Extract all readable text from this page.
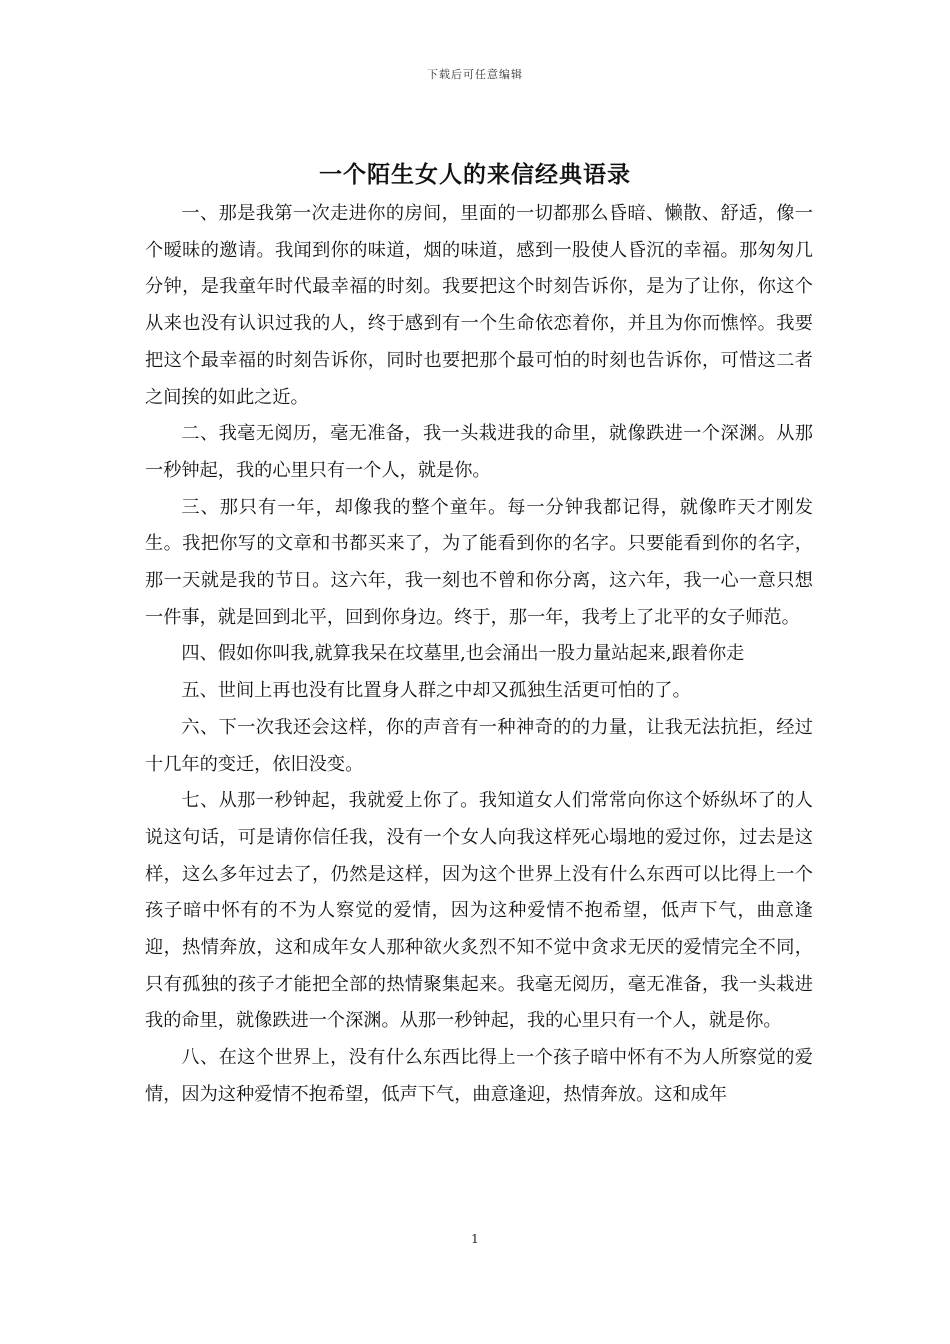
下载后可任意编辑
一个陌生女人的来信经典语录

一、那是我第一次走进你的房间，里面的一切都那么昏暗、懒散、舒适，像一个暧昧的邀请。我闻到你的味道，烟的味道，感到一股使人昏沉的幸福。那匆匆几分钟，是我童年时代最幸福的时刻。我要把这个时刻告诉你，是为了让你，你这个从来也没有认识过我的人，终于感到有一个生命依恋着你，并且为你而憔悴。我要把这个最幸福的时刻告诉你，同时也要把那个最可怕的时刻也告诉你，可惜这二者之间挨的如此之近。

二、我毫无阅历，毫无准备，我一头栽进我的命里，就像跌进一个深渊。从那一秒钟起，我的心里只有一个人，就是你。

三、那只有一年，却像我的整个童年。每一分钟我都记得，就像昨天才刚发生。我把你写的文章和书都买来了，为了能看到你的名字。只要能看到你的名字，那一天就是我的节日。这六年，我一刻也不曾和你分离，这六年，我一心一意只想一件事，就是回到北平，回到你身边。终于，那一年，我考上了北平的女子师范。

四、假如你叫我,就算我呆在坟墓里,也会涌出一股力量站起来,跟着你走

五、世间上再也没有比置身人群之中却又孤独生活更可怕的了。

六、下一次我还会这样，你的声音有一种神奇的的力量，让我无法抗拒，经过十几年的变迁，依旧没变。

七、从那一秒钟起，我就爱上你了。我知道女人们常常向你这个娇纵坏了的人说这句话，可是请你信任我，没有一个女人向我这样死心塌地的爱过你，过去是这样，这么多年过去了，仍然是这样，因为这个世界上没有什么东西可以比得上一个孩子暗中怀有的不为人察觉的爱情，因为这种爱情不抱希望，低声下气，曲意逢迎，热情奔放，这和成年女人那种欲火炙烈不知不觉中贪求无厌的爱情完全不同，只有孤独的孩子才能把全部的热情聚集起来。我毫无阅历，毫无准备，我一头栽进我的命里，就像跌进一个深渊。从那一秒钟起，我的心里只有一个人，就是你。

八、在这个世界上，没有什么东西比得上一个孩子暗中怀有不为人所察觉的爱情，因为这种爱情不抱希望，低声下气，曲意逢迎，热情奔放。这和成年

1
